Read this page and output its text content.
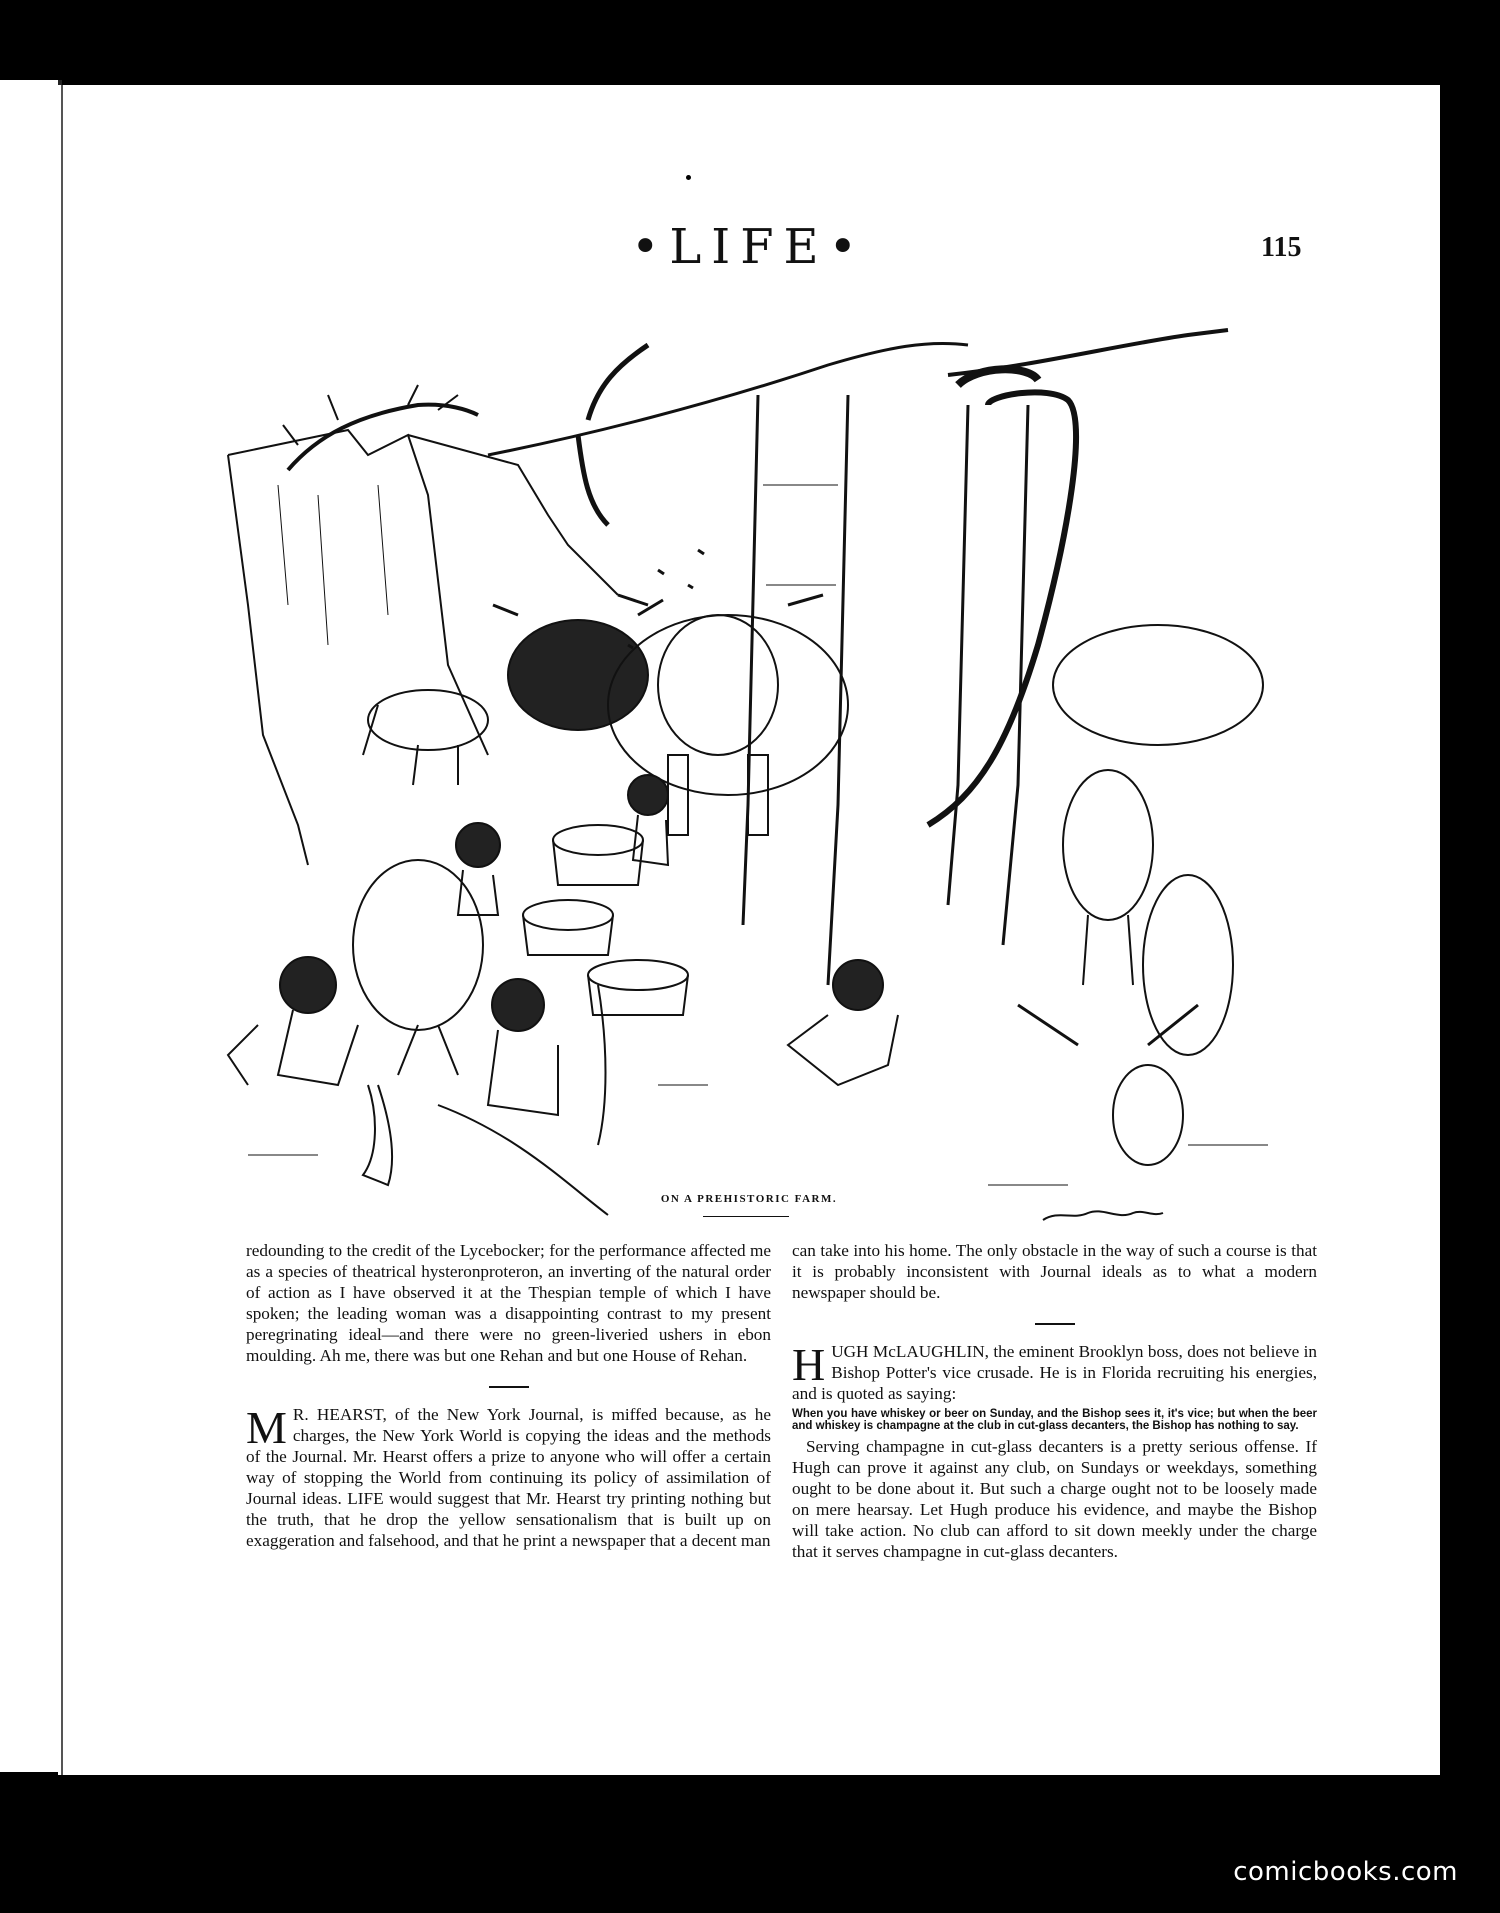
•LIFE•	115
ON A PREHISTORIC FARM.

redounding to the credit of the Lycebocker; for the performance affected me as a species of theatrical hysteronproteron, an inverting of the natural order of action as I have observed it at the Thespian temple of which I have spoken; the leading woman was a disappointing contrast to my present peregrinating ideal—and there were no green-liveried ushers in ebon moulding. Ah me, there was but one Rehan and but one House of Rehan.

M R. HEARST, of the New York Journal, is miffed because, as he charges, the New York World is copying the ideas and the methods of the Journal. Mr. Hearst offers a prize to anyone who will offer a certain way of stopping the World from continuing its policy of assimilation of Journal ideas. LIFE would suggest that Mr. Hearst try printing nothing but the truth, that he drop the yellow sensationalism that is built up on exaggeration and falsehood, and that he print a newspaper that a decent man

can take into his home. The only obstacle in the way of such a course is that it is probably inconsistent with Journal ideals as to what a modern newspaper should be.

HUGH McLAUGHLIN, the eminent Brooklyn boss, does not believe in Bishop Potter's vice crusade. He is in Florida recruiting his energies, and is quoted as saying:

When you have whiskey or beer on Sunday, and the Bishop sees it, it's vice; but when the beer and whiskey is champagne at the club in cut-glass decanters, the Bishop has nothing to say.

Serving champagne in cut-glass decanters is a pretty serious offense. If Hugh can prove it against any club, on Sundays or weekdays, something ought to be done about it. But such a charge ought not to be loosely made on mere hearsay. Let Hugh produce his evidence, and maybe the Bishop will take action. No club can afford to sit down meekly under the charge that it serves champagne in cut-glass decanters.

comicbooks.com
